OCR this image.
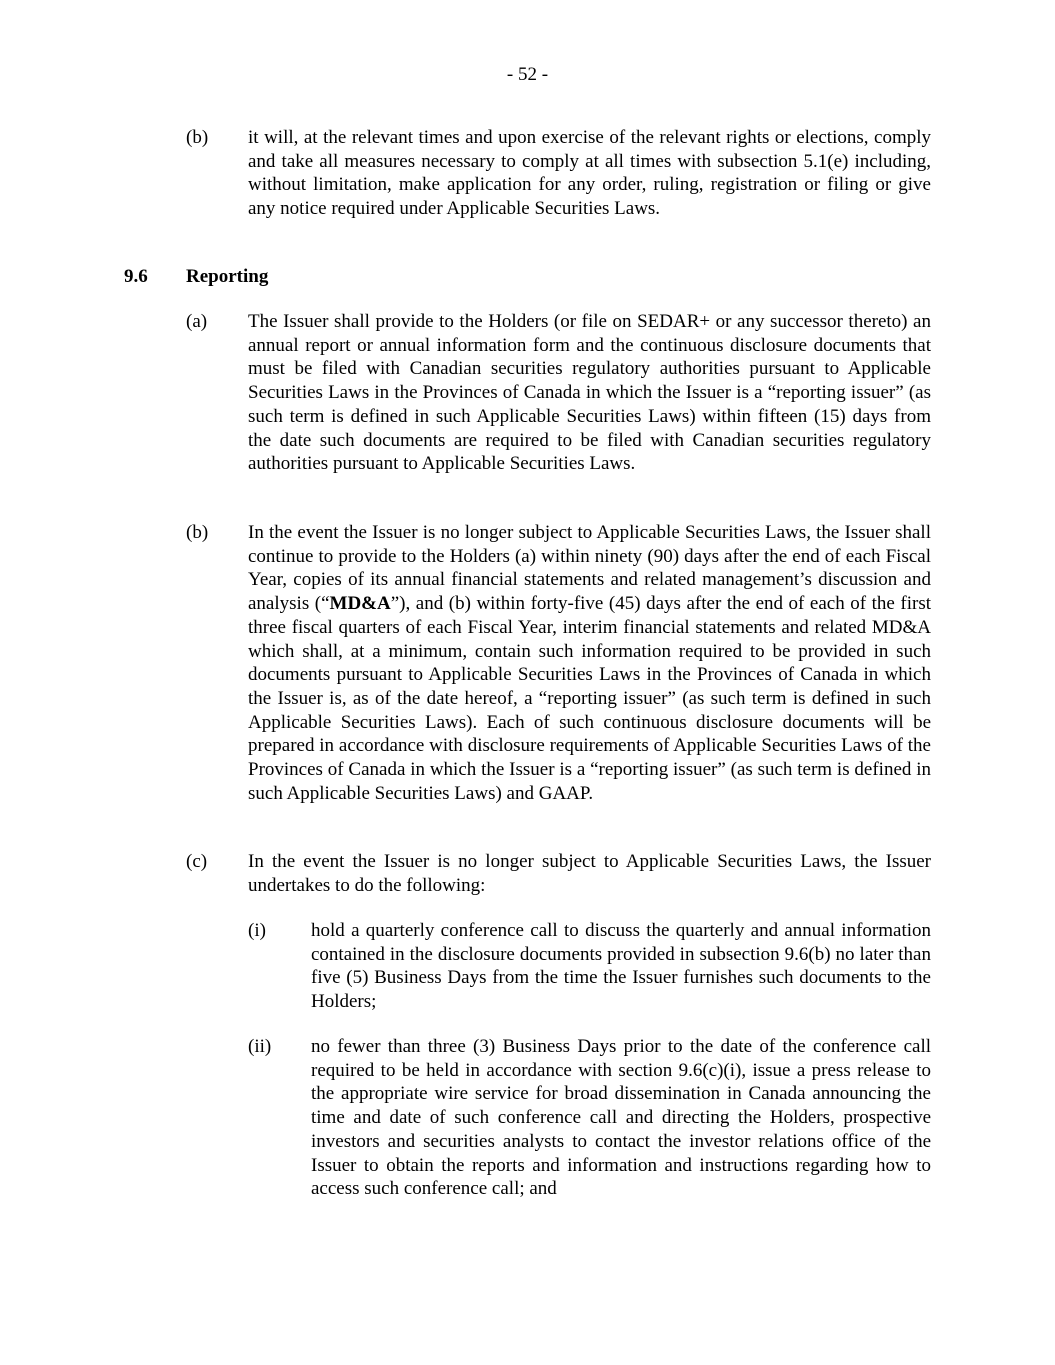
- 52 -
(b) it will, at the relevant times and upon exercise of the relevant rights or elections, comply and take all measures necessary to comply at all times with subsection 5.1(e) including, without limitation, make application for any order, ruling, registration or filing or give any notice required under Applicable Securities Laws.
9.6 Reporting
(a) The Issuer shall provide to the Holders (or file on SEDAR+ or any successor thereto) an annual report or annual information form and the continuous disclosure documents that must be filed with Canadian securities regulatory authorities pursuant to Applicable Securities Laws in the Provinces of Canada in which the Issuer is a “reporting issuer” (as such term is defined in such Applicable Securities Laws) within fifteen (15) days from the date such documents are required to be filed with Canadian securities regulatory authorities pursuant to Applicable Securities Laws.
(b) In the event the Issuer is no longer subject to Applicable Securities Laws, the Issuer shall continue to provide to the Holders (a) within ninety (90) days after the end of each Fiscal Year, copies of its annual financial statements and related management’s discussion and analysis (“MD&A”), and (b) within forty-five (45) days after the end of each of the first three fiscal quarters of each Fiscal Year, interim financial statements and related MD&A which shall, at a minimum, contain such information required to be provided in such documents pursuant to Applicable Securities Laws in the Provinces of Canada in which the Issuer is, as of the date hereof, a “reporting issuer” (as such term is defined in such Applicable Securities Laws). Each of such continuous disclosure documents will be prepared in accordance with disclosure requirements of Applicable Securities Laws of the Provinces of Canada in which the Issuer is a “reporting issuer” (as such term is defined in such Applicable Securities Laws) and GAAP.
(c) In the event the Issuer is no longer subject to Applicable Securities Laws, the Issuer undertakes to do the following:
(i) hold a quarterly conference call to discuss the quarterly and annual information contained in the disclosure documents provided in subsection 9.6(b) no later than five (5) Business Days from the time the Issuer furnishes such documents to the Holders;
(ii) no fewer than three (3) Business Days prior to the date of the conference call required to be held in accordance with section 9.6(c)(i), issue a press release to the appropriate wire service for broad dissemination in Canada announcing the time and date of such conference call and directing the Holders, prospective investors and securities analysts to contact the investor relations office of the Issuer to obtain the reports and information and instructions regarding how to access such conference call; and
